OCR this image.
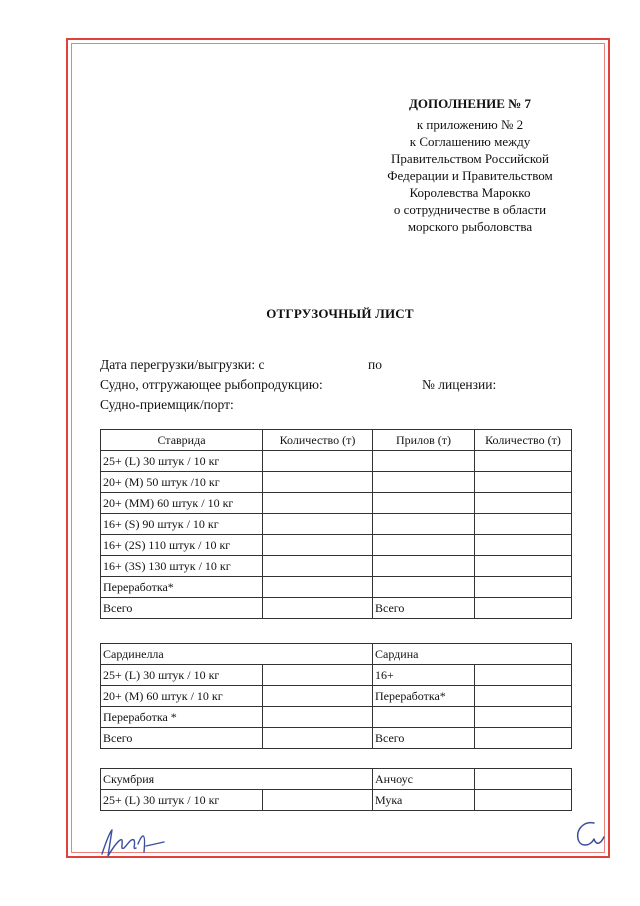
ДОПОЛНЕНИЕ № 7
к приложению № 2
к Соглашению между
Правительством Российской
Федерации и Правительством
Королевства Марокко
о сотрудничестве в области
морского рыболовства
ОТГРУЗОЧНЫЙ ЛИСТ
Дата перегрузки/выгрузки: с	по
Судно, отгружающее рыбопродукцию:	№ лицензии:
Судно-приемщик/порт:
Ставрида	Количество (т)	Прилов (т)	Количество (т)
25+ (L) 30 штук / 10 кг			
20+ (M) 50 штук /10 кг			
20+ (MM) 60 штук / 10 кг			
16+ (S) 90 штук / 10 кг			
16+ (2S) 110 штук / 10 кг			
16+ (3S) 130 штук / 10 кг			
Переработка*			
Всего		Всего	
Сардинелла		Сардина	
25+ (L) 30 штук / 10 кг		16+	
20+ (M) 60 штук / 10 кг		Переработка*	
Переработка *			
Всего		Всего	
Скумбрия		Анчоус	
25+ (L) 30 штук / 10 кг		Мука	
